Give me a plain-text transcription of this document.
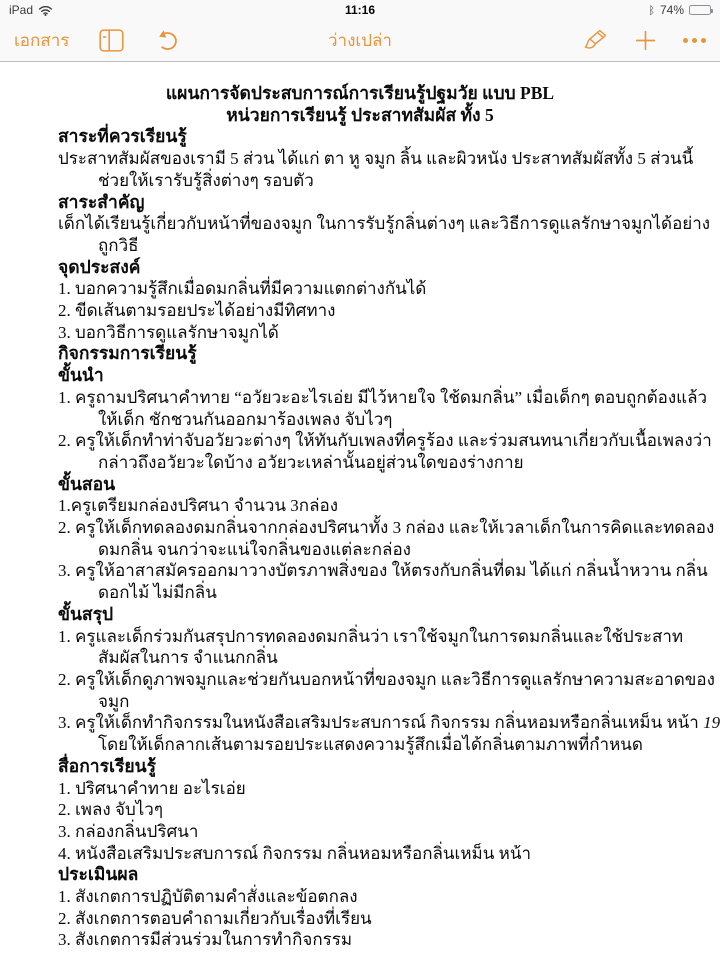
iPad	11:16	ᛒ 74%
เอกสาร	ว่างเปล่า
แผนการจัดประสบการณ์การเรียนรู้ปฐมวัย แบบ PBL
หน่วยการเรียนรู้ ประสาทสัมผัส ทั้ง 5
สาระที่ควรเรียนรู้
ประสาทสัมผัสของเรามี 5 ส่วน ได้แก่ ตา หู จมูก ลิ้น และผิวหนัง ประสาทสัมผัสทั้ง 5 ส่วนนี้
ช่วยให้เรารับรู้สิ่งต่างๆ รอบตัว
สาระสำคัญ
เด็กได้เรียนรู้เกี่ยวกับหน้าที่ของจมูก ในการรับรู้กลิ่นต่างๆ และวิธีการดูแลรักษาจมูกได้อย่าง
ถูกวิธี
จุดประสงค์
1. บอกความรู้สึกเมื่อดมกลิ่นที่มีความแตกต่างกันได้
2. ขีดเส้นตามรอยประได้อย่างมีทิศทาง
3. บอกวิธีการดูแลรักษาจมูกได้
กิจกรรมการเรียนรู้
ขั้นนำ
1. ครูถามปริศนาคำทาย “อวัยวะอะไรเอ่ย มีไว้หายใจ ใช้ดมกลิ่น” เมื่อเด็กๆ ตอบถูกต้องแล้ว
ให้เด็ก ชักชวนกันออกมาร้องเพลง จับไวๆ
2. ครูให้เด็กทำท่าจับอวัยวะต่างๆ ให้ทันกับเพลงที่ครูร้อง และร่วมสนทนาเกี่ยวกับเนื้อเพลงว่า
กล่าวถึงอวัยวะใดบ้าง อวัยวะเหล่านั้นอยู่ส่วนใดของร่างกาย
ขั้นสอน
1.ครูเตรียมกล่องปริศนา จำนวน 3กล่อง
2. ครูให้เด็กทดลองดมกลิ่นจากกล่องปริศนาทั้ง 3 กล่อง และให้เวลาเด็กในการคิดและทดลอง
ดมกลิ่น จนกว่าจะแน่ใจกลิ่นของแต่ละกล่อง
3. ครูให้อาสาสมัครออกมาวางบัตรภาพสิ่งของ ให้ตรงกับกลิ่นที่ดม ได้แก่ กลิ่นน้ำหวาน กลิ่น
ดอกไม้ ไม่มีกลิ่น
ขั้นสรุป
1. ครูและเด็กร่วมกันสรุปการทดลองดมกลิ่นว่า เราใช้จมูกในการดมกลิ่นและใช้ประสาท
สัมผัสในการ จำแนกกลิ่น
2. ครูให้เด็กดูภาพจมูกและช่วยกันบอกหน้าที่ของจมูก และวิธีการดูแลรักษาความสะอาดของ
จมูก
3. ครูให้เด็กทำกิจกรรมในหนังสือเสริมประสบการณ์ กิจกรรม กลิ่นหอมหรือกลิ่นเหม็น หน้า 19
โดยให้เด็กลากเส้นตามรอยประแสดงความรู้สึกเมื่อได้กลิ่นตามภาพที่กำหนด
สื่อการเรียนรู้
1. ปริศนาคำทาย อะไรเอ่ย
2. เพลง จับไวๆ
3. กล่องกลิ่นปริศนา
4. หนังสือเสริมประสบการณ์ กิจกรรม กลิ่นหอมหรือกลิ่นเหม็น หน้า
ประเมินผล
1. สังเกตการปฏิบัติตามคำสั่งและข้อตกลง
2. สังเกตการตอบคำถามเกี่ยวกับเรื่องที่เรียน
3. สังเกตการมีส่วนร่วมในการทำกิจกรรม
